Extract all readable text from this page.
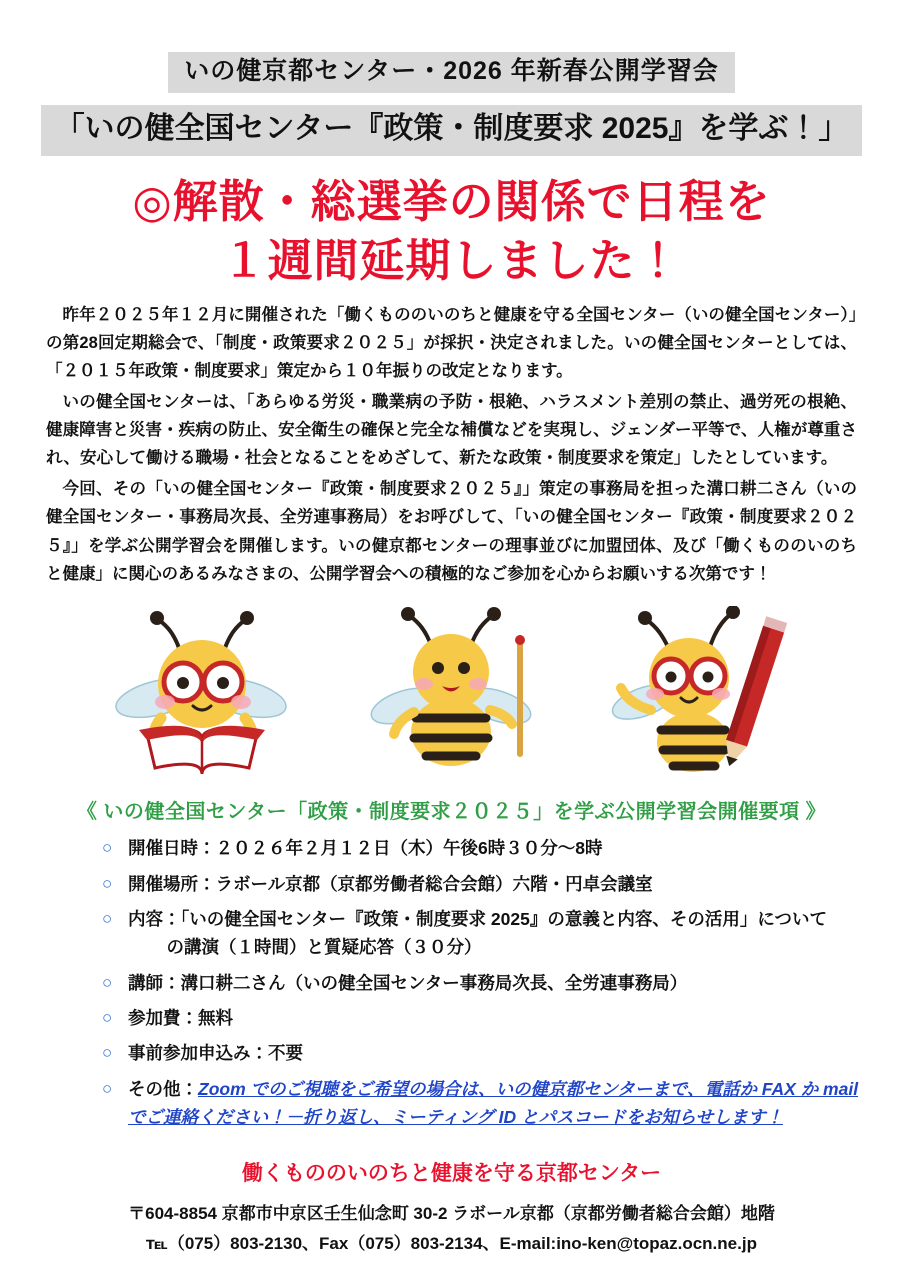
いの健京都センター・2026 年新春公開学習会
「いの健全国センター『政策・制度要求 2025』を学ぶ！」
◎解散・総選挙の関係で日程を
１週間延期しました！

昨年２０２５年１２月に開催された「働くもののいのちと健康を守る全国センター（いの健全国センター）」の第28回定期総会で、「制度・政策要求２０２５」が採択・決定されました。いの健全国センターとしては、「２０１５年政策・制度要求」策定から１０年振りの改定となります。

いの健全国センターは、「あらゆる労災・職業病の予防・根絶、ハラスメント差別の禁止、過労死の根絶、健康障害と災害・疾病の防止、安全衛生の確保と完全な補償などを実現し、ジェンダー平等で、人権が尊重され、安心して働ける職場・社会となることをめざして、新たな政策・制度要求を策定」したとしています。

今回、その「いの健全国センター『政策・制度要求２０２５』」策定の事務局を担った溝口耕二さん（いの健全国センター・事務局次長、全労連事務局）をお呼びして、「いの健全国センター『政策・制度要求２０２５』」を学ぶ公開学習会を開催します。いの健京都センターの理事並びに加盟団体、及び「働くもののいのちと健康」に関心のあるみなさまの、公開学習会への積極的なご参加を心からお願いする次第です！

《 いの健全国センター「政策・制度要求２０２５」を学ぶ公開学習会開催要項 》
○ 開催日時：２０２６年２月１２日（木）午後6時３０分～8時
○ 開催場所：ラボール京都（京都労働者総合会館）六階・円卓会議室
○ 内容：「いの健全国センター『政策・制度要求 2025』の意義と内容、その活用」について
の講演（１時間）と質疑応答（３０分）
○ 講師：溝口耕二さん（いの健全国センター事務局次長、全労連事務局）
○ 参加費：無料
○ 事前参加申込み：不要
○ その他：Zoom でのご視聴をご希望の場合は、いの健京都センターまで、電話か FAX か mail でご連絡ください！－折り返し、ミーティング ID とパスコードをお知らせします！
働くもののいのちと健康を守る京都センター
〒604-8854 京都市中京区壬生仙念町 30-2 ラボール京都（京都労働者総合会館）地階
℡（075）803-2130、Fax（075）803-2134、E-mail:ino-ken@topaz.ocn.ne.jp
